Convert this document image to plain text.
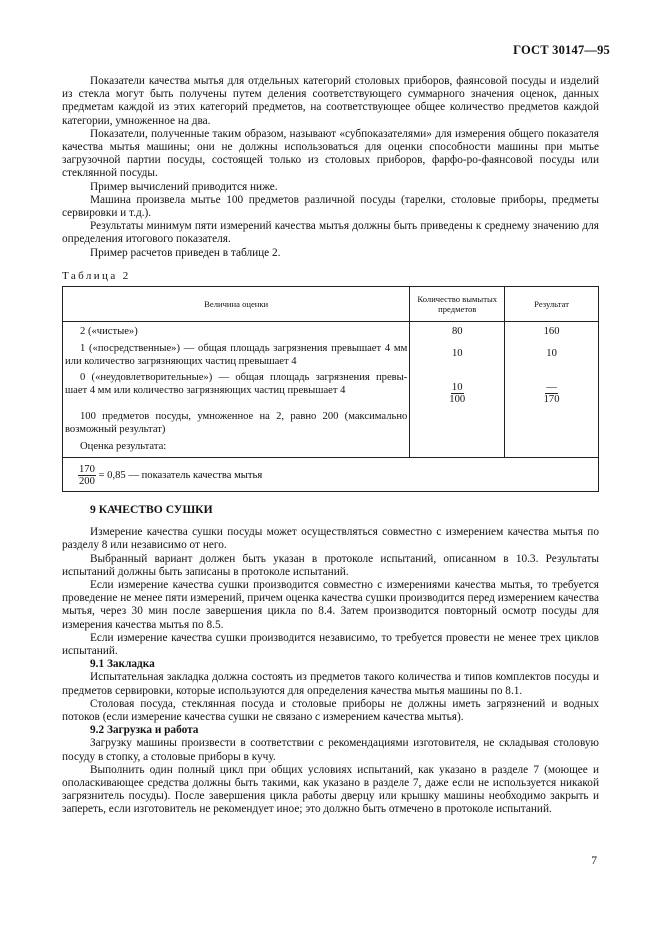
ГОСТ 30147—95

Показатели качества мытья для отдельных категорий столовых приборов, фаянсовой посуды и изделий из стекла могут быть получены путем деления соответствующего суммарного значения оценок, данных предметам каждой из этих категорий предметов, на соответствующее общее количество предметов каждой категории, умноженное на два.

Показатели, полученные таким образом, называют «субпоказателями» для измерения общего показателя качества мытья машины; они не должны использоваться для оценки способности машины при мытье загрузочной партии посуды, состоящей только из столовых приборов, фарфо-ро-фаянсовой посуды или стеклянной посуды.

Пример вычислений приводится ниже.

Машина произвела мытье 100 предметов различной посуды (тарелки, столовые приборы, предметы сервировки и т.д.).

Результаты минимум пяти измерений качества мытья должны быть приведены к среднему значению для определения итогового показателя.

Пример расчетов приведен в таблице 2.

Таблица 2
Величина оценки	Количество вымытых предметов	Результат
2 («чистые»)	80	160
1 («посредственные») — общая площадь загрязнения превышает 4 мм или количество загрязняющих частиц превышает 4	10	10
0 («неудовлетворительные») — общая площадь загрязнения превы-шает 4 мм или количество загрязняющих частиц превышает 4	$\frac{10}{100}$	$\frac{—}{170}$

100 предметов посуды, умноженное на 2, равно 200 (максимально возможный результат)		
Оценка результата:		

$\frac{170}{200} = 0,85$ — показатель качества мытья		

9 КАЧЕСТВО СУШКИ

Измерение качества сушки посуды может осуществляться совместно с измерением качества мытья по разделу 8 или независимо от него.

Выбранный вариант должен быть указан в протоколе испытаний, описанном в 10.3. Результаты испытаний должны быть записаны в протоколе испытаний.

Если измерение качества сушки производится совместно с измерениями качества мытья, то требуется проведение не менее пяти измерений, причем оценка качества сушки производится перед измерением качества мытья, через 30 мин после завершения цикла по 8.4. Затем производится повторный осмотр посуды для измерения качества мытья по 8.5.

Если измерение качества сушки производится независимо, то требуется провести не менее трех циклов испытаний.

9.1 Закладка

Испытательная закладка должна состоять из предметов такого количества и типов комплектов посуды и предметов сервировки, которые используются для определения качества мытья машины по 8.1.

Столовая посуда, стеклянная посуда и столовые приборы не должны иметь загрязнений и водных потоков (если измерение качества сушки не связано с измерением качества мытья).

9.2 Загрузка и работа

Загрузку машины произвести в соответствии с рекомендациями изготовителя, не складывая столовую посуду в стопку, а столовые приборы в кучу.

Выполнить один полный цикл при общих условиях испытаний, как указано в разделе 7 (моющее и ополаскивающее средства должны быть такими, как указано в разделе 7, даже если не используется никакой загрязнитель посуды). После завершения цикла работы дверцу или крышку машины необходимо закрыть и запереть, если изготовитель не рекомендует иное; это должно быть отмечено в протоколе испытаний.

7
